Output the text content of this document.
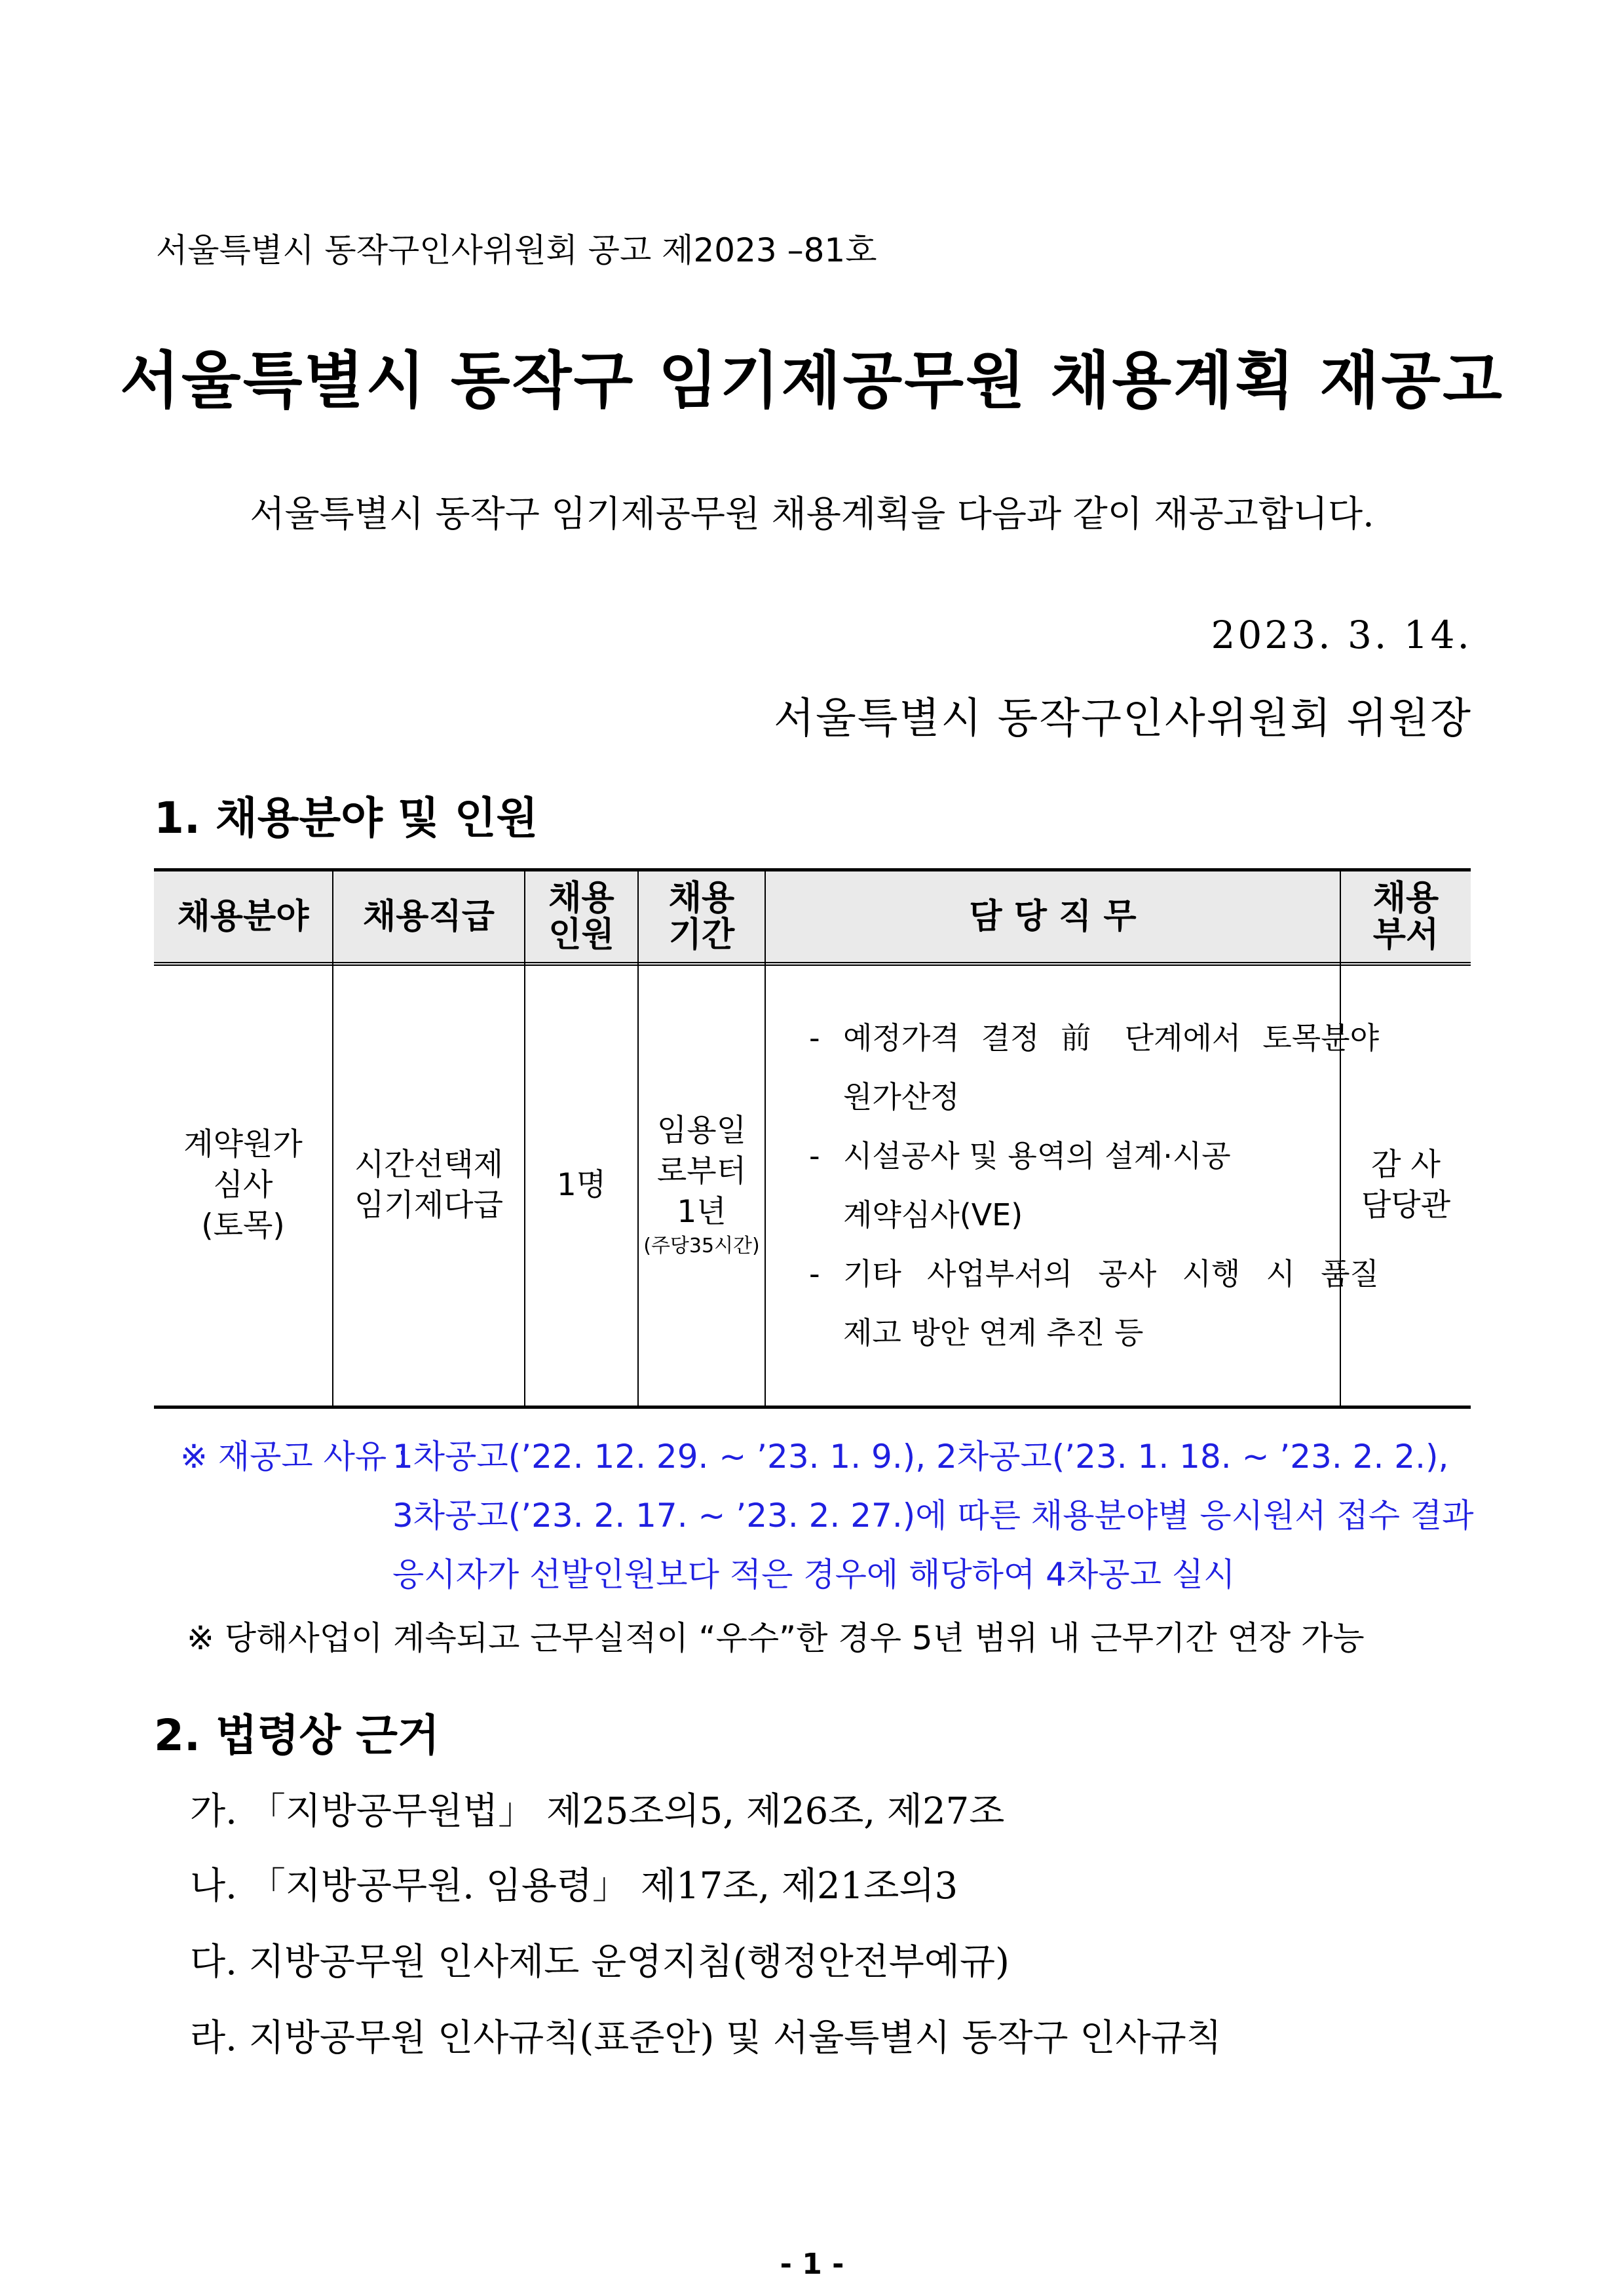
서울특별시 동작구인사위원회 공고 제2023 –81호
서울특별시 동작구 임기제공무원 채용계획 재공고
서울특별시 동작구 임기제공무원 채용계획을 다음과 같이 재공고합니다.
2023. 3. 14.
서울특별시 동작구인사위원회 위원장
1. 채용분야 및 인원
채용분야 채용직급 채용
인원
채용
기간	담 당 직 무	채용
부서
계약원가
심사
(토목)
시간선택제
임기제다급
1명
임용일
로부터
1년
(주당35시간)
- 예정가격 결정 前 단계에서 토목분야
원가산정
- 시설공사 및 용역의 설계·시공
계약심사(VE)
- 기타 사업부서의 공사 시행 시 품질
제고 방안 연계 추진 등
감 사
담당관
※ 재공고 사유 :
1차공고(’22. 12. 29. ~ ’23. 1. 9.), 2차공고(’23. 1. 18. ~ ’23. 2. 2.),
3차공고(’23. 2. 17. ~ ’23. 2. 27.)에 따른 채용분야별 응시원서 접수 결과
응시자가 선발인원보다 적은 경우에 해당하여 4차공고 실시
※ 당해사업이 계속되고 근무실적이 “우수”한 경우 5년 범위 내 근무기간 연장 가능
2. 법령상 근거
가. 「지방공무원법」 제25조의5, 제26조, 제27조
나. 「지방공무원. 임용령」 제17조, 제21조의3
다. 지방공무원 인사제도 운영지침(행정안전부예규)
라. 지방공무원 인사규칙(표준안) 및 서울특별시 동작구 인사규칙
- 1 -
